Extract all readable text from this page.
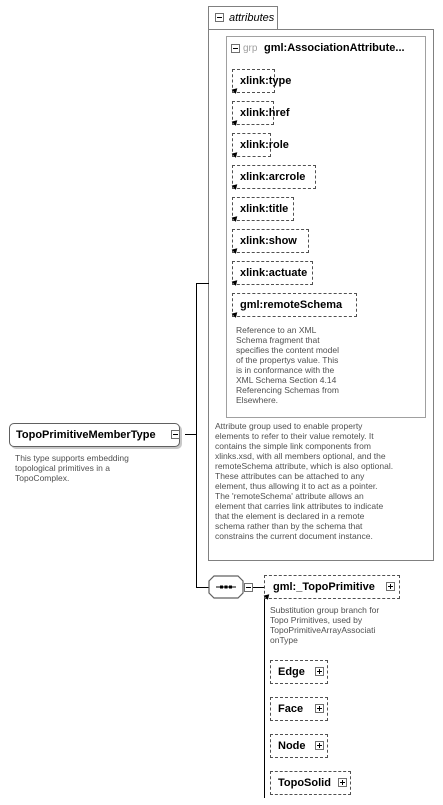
attributes
grp gml:AssociationAttribute...
xlink:type
xlink:href
xlink:role
xlink:arcrole
xlink:title
xlink:show
xlink:actuate
gml:remoteSchema
Reference to an XML
Schema fragment that
specifies the content model
of the propertys value. This
is in conformance with the
XML Schema Section 4.14
Referencing Schemas from
Elsewhere.
Attribute group used to enable property
elements to refer to their value remotely. It
contains the simple link components from
xlinks.xsd, with all members optional, and the
remoteSchema attribute, which is also optional.
These attributes can be attached to any
element, thus allowing it to act as a pointer.
The 'remoteSchema' attribute allows an
element that carries link attributes to indicate
that the element is declared in a remote
schema rather than by the schema that
constrains the current document instance.
TopoPrimitiveMemberType
This type supports embedding
topological primitives in a
TopoComplex.
gml:_TopoPrimitive
Substitution group branch for
Topo Primitives, used by
TopoPrimitiveArrayAssociati
onType
Edge
Face
Node
TopoSolid
